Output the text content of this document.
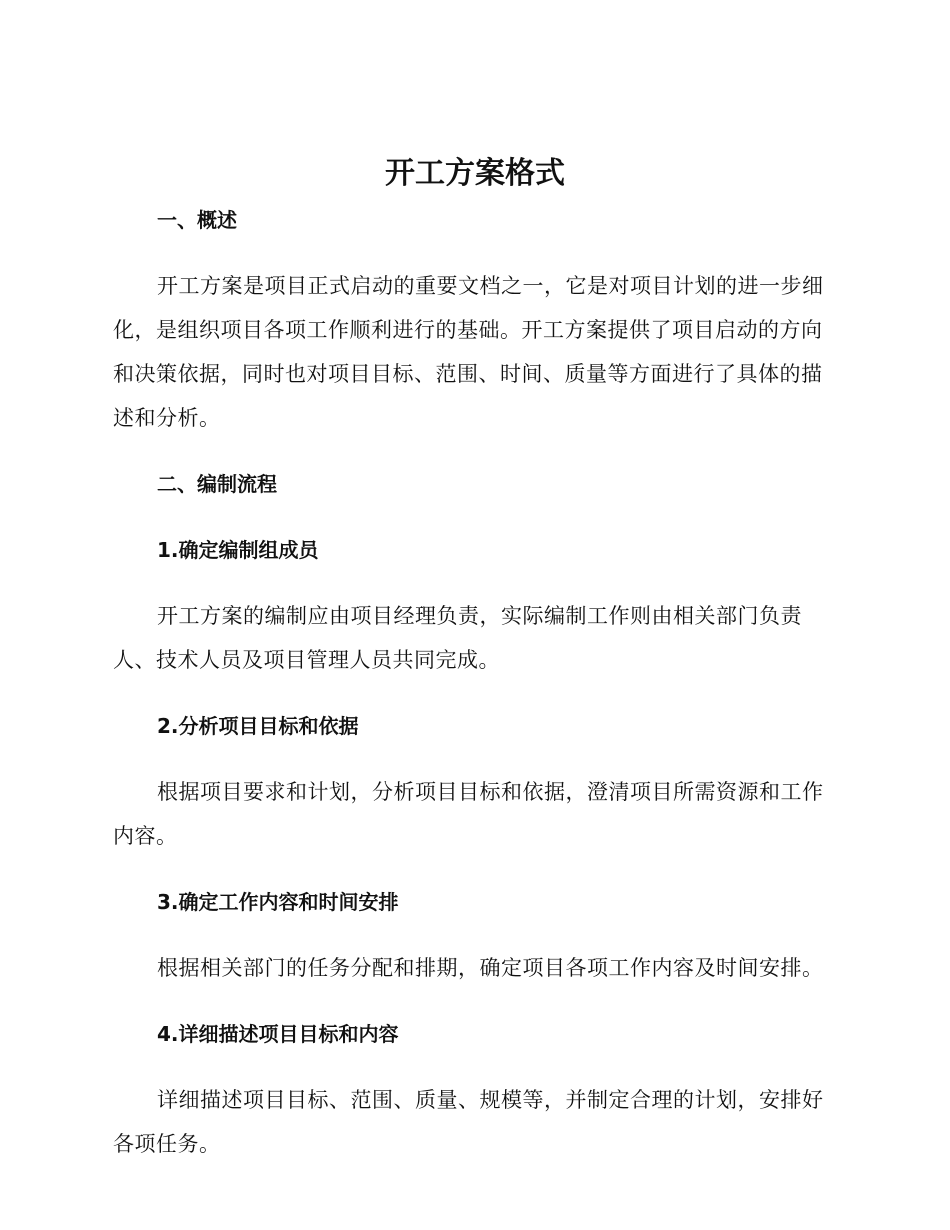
开工方案格式
一、概述

开工方案是项目正式启动的重要文档之一，它是对项目计划的进一步细化，是组织项目各项工作顺利进行的基础。开工方案提供了项目启动的方向和决策依据，同时也对项目目标、范围、时间、质量等方面进行了具体的描述和分析。

二、编制流程
1.确定编制组成员

开工方案的编制应由项目经理负责，实际编制工作则由相关部门负责人、技术人员及项目管理人员共同完成。

2.分析项目目标和依据

根据项目要求和计划，分析项目目标和依据，澄清项目所需资源和工作内容。

3.确定工作内容和时间安排

根据相关部门的任务分配和排期，确定项目各项工作内容及时间安排。

4.详细描述项目目标和内容

详细描述项目目标、范围、质量、规模等，并制定合理的计划，安排好各项任务。
